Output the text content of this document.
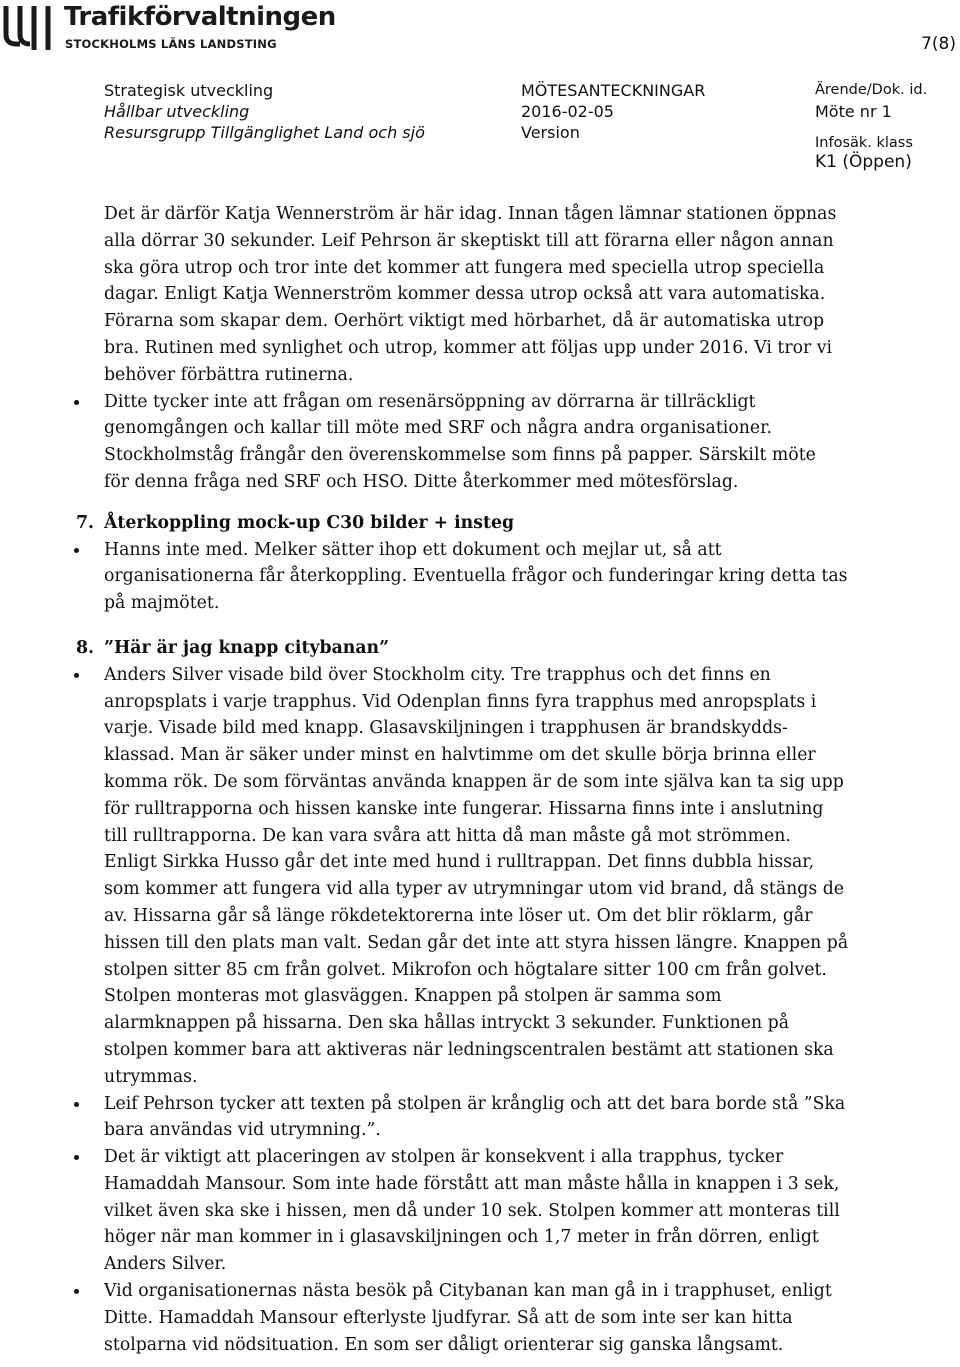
Trafikförvaltningen
STOCKHOLMS LÄNS LANDSTING	7(8)
Strategisk utveckling
Hållbar utveckling
Resursgrupp Tillgänglighet Land och sjö
MÖTESANTECKNINGAR
2016-02-05
Version
Ärende/Dok. id.
Möte nr 1
Infosäk. klass
K1 (Öppen)
Det är därför Katja Wennerström är här idag. Innan tågen lämnar stationen öppnas
alla dörrar 30 sekunder. Leif Pehrson är skeptiskt till att förarna eller någon annan
ska göra utrop och tror inte det kommer att fungera med speciella utrop speciella
dagar. Enligt Katja Wennerström kommer dessa utrop också att vara automatiska.
Förarna som skapar dem. Oerhört viktigt med hörbarhet, då är automatiska utrop
bra. Rutinen med synlighet och utrop, kommer att följas upp under 2016. Vi tror vi
behöver förbättra rutinerna.
Ditte tycker inte att frågan om resenärsöppning av dörrarna är tillräckligt
genomgången och kallar till möte med SRF och några andra organisationer.
Stockholmståg frångår den överenskommelse som finns på papper. Särskilt möte
för denna fråga ned SRF och HSO. Ditte återkommer med mötesförslag.
7. Återkoppling mock-up C30 bilder + insteg
Hanns inte med. Melker sätter ihop ett dokument och mejlar ut, så att
organisationerna får återkoppling. Eventuella frågor och funderingar kring detta tas
på majmötet.
8. ”Här är jag knapp citybanan”
Anders Silver visade bild över Stockholm city. Tre trapphus och det finns en
anropsplats i varje trapphus. Vid Odenplan finns fyra trapphus med anropsplats i
varje. Visade bild med knapp. Glasavskiljningen i trapphusen är brandskydds-
klassad. Man är säker under minst en halvtimme om det skulle börja brinna eller
komma rök. De som förväntas använda knappen är de som inte själva kan ta sig upp
för rulltrapporna och hissen kanske inte fungerar. Hissarna finns inte i anslutning
till rulltrapporna. De kan vara svåra att hitta då man måste gå mot strömmen.
Enligt Sirkka Husso går det inte med hund i rulltrappan. Det finns dubbla hissar,
som kommer att fungera vid alla typer av utrymningar utom vid brand, då stängs de
av. Hissarna går så länge rökdetektorerna inte löser ut. Om det blir röklarm, går
hissen till den plats man valt. Sedan går det inte att styra hissen längre. Knappen på
stolpen sitter 85 cm från golvet. Mikrofon och högtalare sitter 100 cm från golvet.
Stolpen monteras mot glasväggen. Knappen på stolpen är samma som
alarmknappen på hissarna. Den ska hållas intryckt 3 sekunder. Funktionen på
stolpen kommer bara att aktiveras när ledningscentralen bestämt att stationen ska
utrymmas.
Leif Pehrson tycker att texten på stolpen är krånglig och att det bara borde stå ”Ska
bara användas vid utrymning.”.
Det är viktigt att placeringen av stolpen är konsekvent i alla trapphus, tycker
Hamaddah Mansour. Som inte hade förstått att man måste hålla in knappen i 3 sek,
vilket även ska ske i hissen, men då under 10 sek. Stolpen kommer att monteras till
höger när man kommer in i glasavskiljningen och 1,7 meter in från dörren, enligt
Anders Silver.
Vid organisationernas nästa besök på Citybanan kan man gå in i trapphuset, enligt
Ditte. Hamaddah Mansour efterlyste ljudfyrar. Så att de som inte ser kan hitta
stolparna vid nödsituation. En som ser dåligt orienterar sig ganska långsamt.
